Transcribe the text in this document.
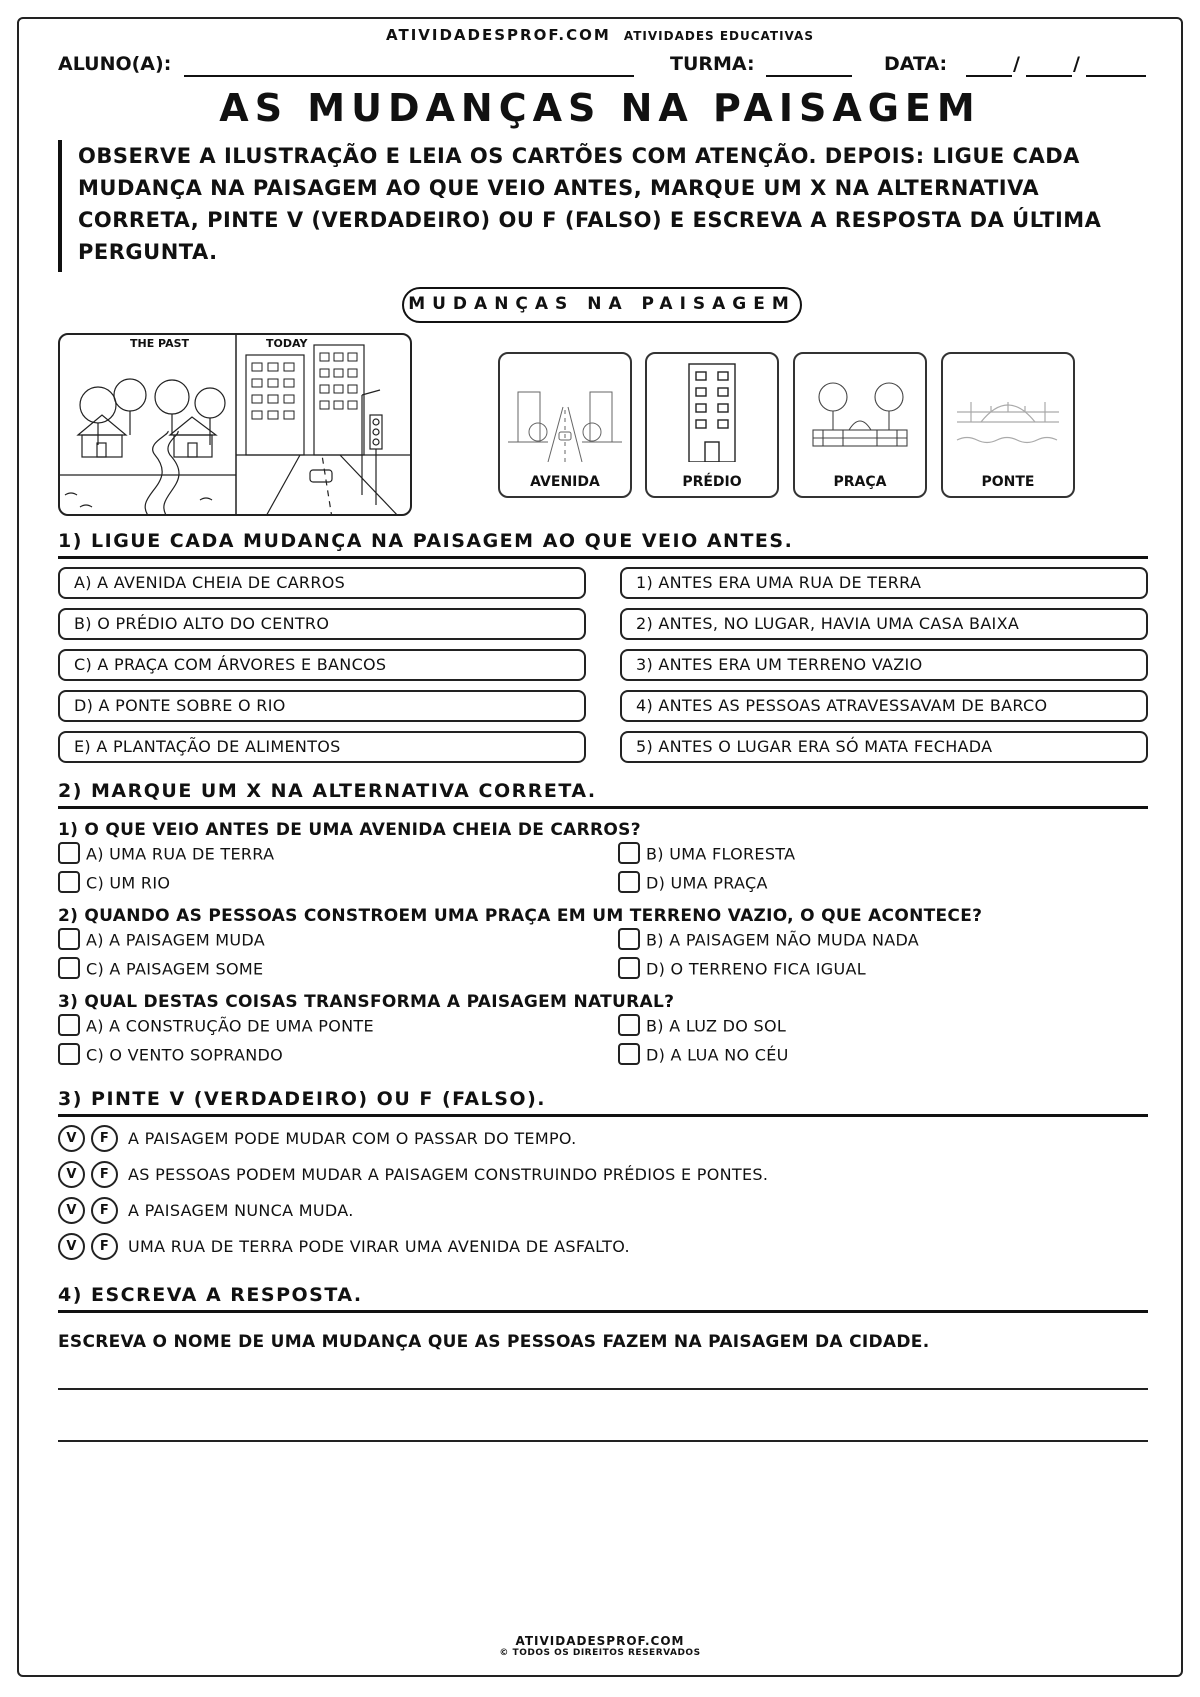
ATIVIDADESPROF.COM ATIVIDADES EDUCATIVAS
ALUNO(A):	TURMA:	DATA:	/	/
AS MUDANÇAS NA PAISAGEM
OBSERVE A ILUSTRAÇÃO E LEIA OS CARTÕES COM ATENÇÃO. DEPOIS: LIGUE CADA MUDANÇA NA PAISAGEM AO QUE VEIO ANTES, MARQUE UM X NA ALTERNATIVA CORRETA, PINTE V (VERDADEIRO) OU F (FALSO) E ESCREVA A RESPOSTA DA ÚLTIMA PERGUNTA.
MUDANÇAS NA PAISAGEM
THE PAST	TODAY
AVENIDA	PRÉDIO	PRAÇA	PONTE
1) LIGUE CADA MUDANÇA NA PAISAGEM AO QUE VEIO ANTES.
A) A AVENIDA CHEIA DE CARROS
B) O PRÉDIO ALTO DO CENTRO
C) A PRAÇA COM ÁRVORES E BANCOS
D) A PONTE SOBRE O RIO
E) A PLANTAÇÃO DE ALIMENTOS
1) ANTES ERA UMA RUA DE TERRA
2) ANTES, NO LUGAR, HAVIA UMA CASA BAIXA
3) ANTES ERA UM TERRENO VAZIO
4) ANTES AS PESSOAS ATRAVESSAVAM DE BARCO
5) ANTES O LUGAR ERA SÓ MATA FECHADA
2) MARQUE UM X NA ALTERNATIVA CORRETA.
1) O QUE VEIO ANTES DE UMA AVENIDA CHEIA DE CARROS?
A) UMA RUA DE TERRA	B) UMA FLORESTA
C) UM RIO	D) UMA PRAÇA
2) QUANDO AS PESSOAS CONSTROEM UMA PRAÇA EM UM TERRENO VAZIO, O QUE ACONTECE?
A) A PAISAGEM MUDA	B) A PAISAGEM NÃO MUDA NADA
C) A PAISAGEM SOME	D) O TERRENO FICA IGUAL
3) QUAL DESTAS COISAS TRANSFORMA A PAISAGEM NATURAL?
A) A CONSTRUÇÃO DE UMA PONTE	B) A LUZ DO SOL
C) O VENTO SOPRANDO	D) A LUA NO CÉU
3) PINTE V (VERDADEIRO) OU F (FALSO).
V F A PAISAGEM PODE MUDAR COM O PASSAR DO TEMPO.
V F AS PESSOAS PODEM MUDAR A PAISAGEM CONSTRUINDO PRÉDIOS E PONTES.
V F A PAISAGEM NUNCA MUDA.
V F UMA RUA DE TERRA PODE VIRAR UMA AVENIDA DE ASFALTO.
4) ESCREVA A RESPOSTA.
ESCREVA O NOME DE UMA MUDANÇA QUE AS PESSOAS FAZEM NA PAISAGEM DA CIDADE.
ATIVIDADESPROF.COM
© TODOS OS DIREITOS RESERVADOS
